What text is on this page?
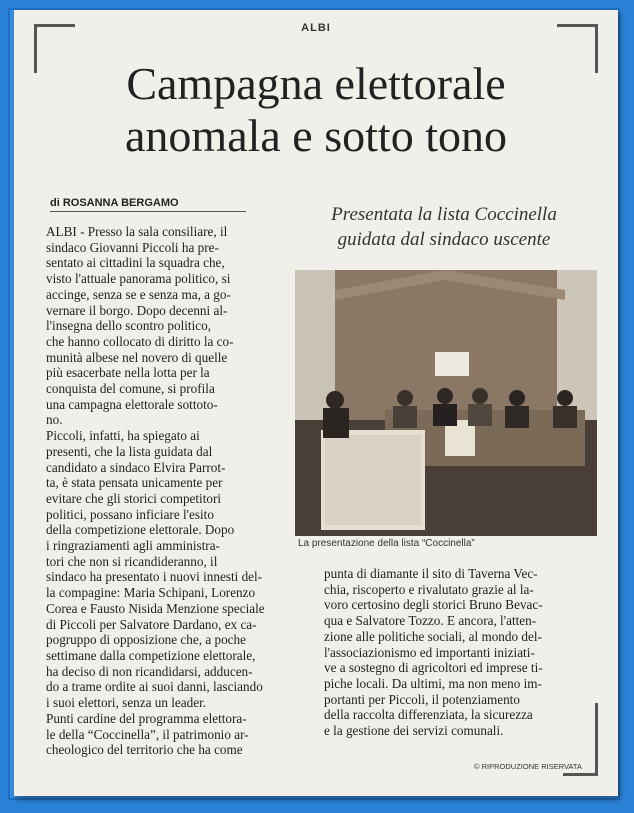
ALBI
Campagna elettorale
anomala e sotto tono
di ROSANNA BERGAMO
Presentata la lista Coccinella
guidata dal sindaco uscente
ALBI - Presso la sala consiliare, il
sindaco Giovanni Piccoli ha pre-
sentato ai cittadini la squadra che,
visto l'attuale panorama politico, si
accinge, senza se e senza ma, a go-
vernare il borgo. Dopo decenni al-
l'insegna dello scontro politico,
che hanno collocato di diritto la co-
munità albese nel novero di quelle
più esacerbate nella lotta per la
conquista del comune, si profila
una campagna elettorale sottoto-
no.
Piccoli, infatti, ha spiegato ai
presenti, che la lista guidata dal
candidato a sindaco Elvira Parrot-
ta, è stata pensata unicamente per
evitare che gli storici competitori
politici, possano inficiare l'esito
della competizione elettorale. Dopo
i ringraziamenti agli amministra-
tori che non si ricandideranno, il
sindaco ha presentato i nuovi innesti del-
la compagine: Maria Schipani, Lorenzo
Corea e Fausto Nisida Menzione speciale
di Piccoli per Salvatore Dardano, ex ca-
pogruppo di opposizione che, a poche
settimane dalla competizione elettorale,
ha deciso di non ricandidarsi, adducen-
do a trame ordite ai suoi danni, lasciando
i suoi elettori, senza un leader.
Punti cardine del programma elettora-
le della “Coccinella”, il patrimonio ar-
cheologico del territorio che ha come
La presentazione della lista “Coccinella”
punta di diamante il sito di Taverna Vec-
chia, riscoperto e rivalutato grazie al la-
voro certosino degli storici Bruno Bevac-
qua e Salvatore Tozzo. E ancora, l'atten-
zione alle politiche sociali, al mondo del-
l'associazionismo ed importanti iniziati-
ve a sostegno di agricoltori ed imprese ti-
piche locali. Da ultimi, ma non meno im-
portanti per Piccoli, il potenziamento
della raccolta differenziata, la sicurezza
e la gestione dei servizi comunali.
© RIPRODUZIONE RISERVATA
